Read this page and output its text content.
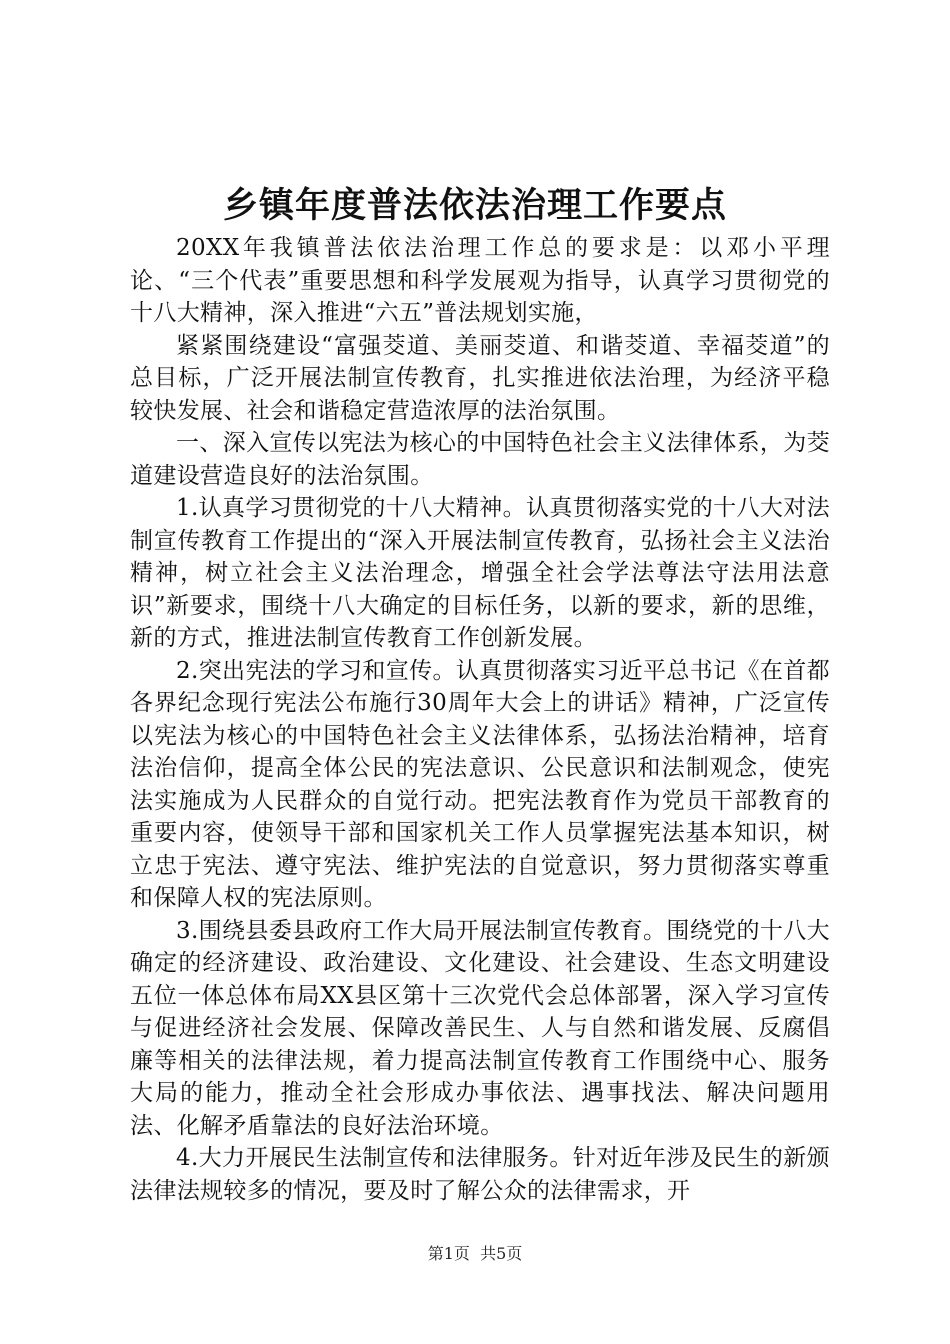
乡镇年度普法依法治理工作要点

20XX年我镇普法依法治理工作总的要求是：以邓小平理论、“三个代表”重要思想和科学发展观为指导，认真学习贯彻党的十八大精神，深入推进“六五”普法规划实施，

紧紧围绕建设“富强茭道、美丽茭道、和谐茭道、幸福茭道”的总目标，广泛开展法制宣传教育，扎实推进依法治理，为经济平稳较快发展、社会和谐稳定营造浓厚的法治氛围。

一、深入宣传以宪法为核心的中国特色社会主义法律体系，为茭道建设营造良好的法治氛围。

1.认真学习贯彻党的十八大精神。认真贯彻落实党的十八大对法制宣传教育工作提出的“深入开展法制宣传教育，弘扬社会主义法治精神，树立社会主义法治理念，增强全社会学法尊法守法用法意识”新要求，围绕十八大确定的目标任务，以新的要求，新的思维，新的方式，推进法制宣传教育工作创新发展。

2.突出宪法的学习和宣传。认真贯彻落实习近平总书记《在首都各界纪念现行宪法公布施行30周年大会上的讲话》精神，广泛宣传以宪法为核心的中国特色社会主义法律体系，弘扬法治精神，培育法治信仰，提高全体公民的宪法意识、公民意识和法制观念，使宪法实施成为人民群众的自觉行动。把宪法教育作为党员干部教育的重要内容，使领导干部和国家机关工作人员掌握宪法基本知识，树立忠于宪法、遵守宪法、维护宪法的自觉意识，努力贯彻落实尊重和保障人权的宪法原则。

3.围绕县委县政府工作大局开展法制宣传教育。围绕党的十八大确定的经济建设、政治建设、文化建设、社会建设、生态文明建设五位一体总体布局XX县区第十三次党代会总体部署，深入学习宣传与促进经济社会发展、保障改善民生、人与自然和谐发展、反腐倡廉等相关的法律法规，着力提高法制宣传教育工作围绕中心、服务大局的能力，推动全社会形成办事依法、遇事找法、解决问题用法、化解矛盾靠法的良好法治环境。

4.大力开展民生法制宣传和法律服务。针对近年涉及民生的新颁法律法规较多的情况，要及时了解公众的法律需求，开

第1页  共5页
